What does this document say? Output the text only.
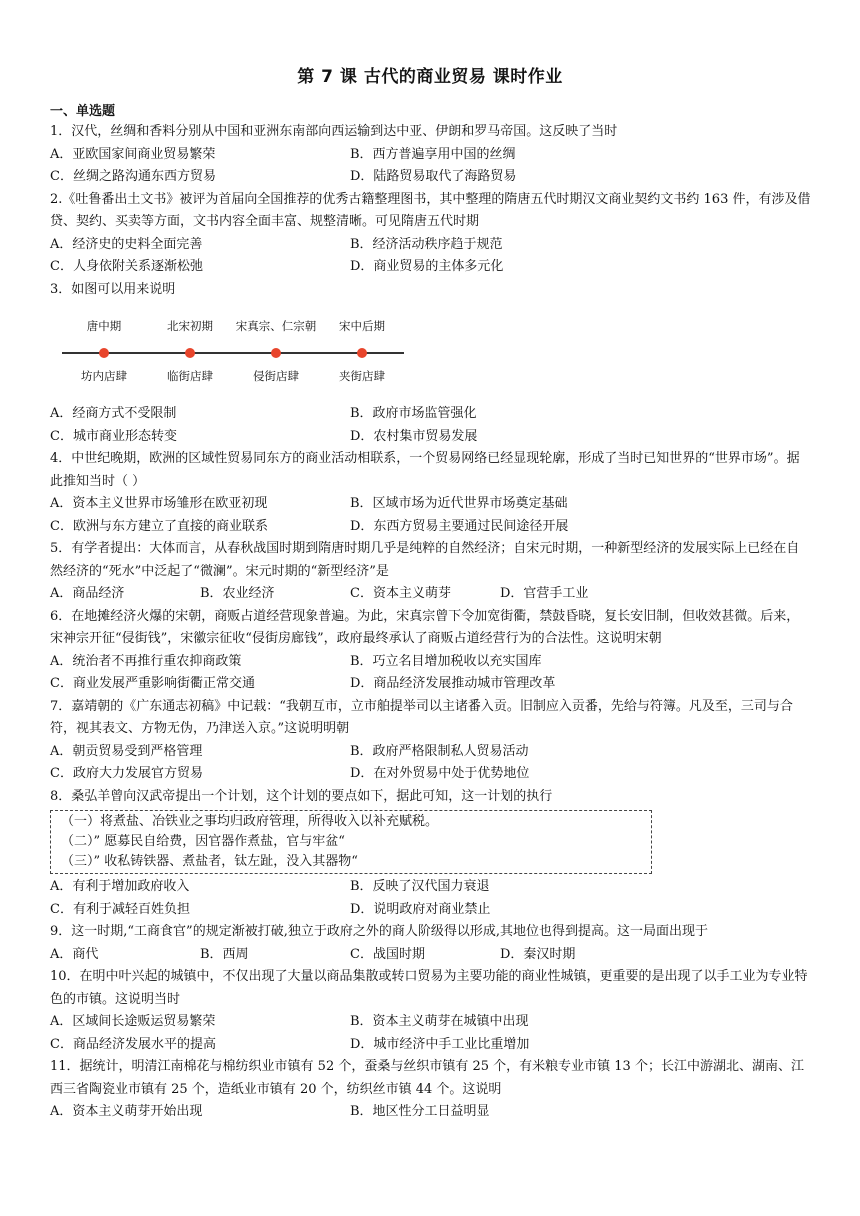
第 7 课 古代的商业贸易 课时作业
一、单选题

1．汉代，丝绸和香料分别从中国和亚洲东南部向西运输到达中亚、伊朗和罗马帝国。这反映了当时

A．亚欧国家间商业贸易繁荣	B．西方普遍享用中国的丝绸
C．丝绸之路沟通东西方贸易	D．陆路贸易取代了海路贸易

2.《吐鲁番出土文书》被评为首届向全国推荐的优秀古籍整理图书，其中整理的隋唐五代时期汉文商业契约文书约 163 件，有涉及借贷、契约、买卖等方面，文书内容全面丰富、规整清晰。可见隋唐五代时期

A．经济史的史料全面完善	B．经济活动秩序趋于规范
C．人身依附关系逐渐松弛	D．商业贸易的主体多元化

3．如图可以用来说明

唐中期	北宋初期 宋真宗、仁宗朝 宋中后期
坊内店肆	临街店肆	侵街店肆	夹街店肆
A．经商方式不受限制	B．政府市场监管强化
C．城市商业形态转变	D．农村集市贸易发展

4．中世纪晚期，欧洲的区域性贸易同东方的商业活动相联系，一个贸易网络已经显现轮廓，形成了当时已知世界的“世界市场”。据此推知当时（ ）

A．资本主义世界市场雏形在欧亚初现	B．区域市场为近代世界市场奠定基础
C．欧洲与东方建立了直接的商业联系	D．东西方贸易主要通过民间途径开展

5．有学者提出：大体而言，从春秋战国时期到隋唐时期几乎是纯粹的自然经济；自宋元时期，一种新型经济的发展实际上已经在自然经济的“死水”中泛起了“微澜”。宋元时期的“新型经济”是

A．商品经济	B．农业经济	C．资本主义萌芽	D．官营手工业

6．在地摊经济火爆的宋朝，商贩占道经营现象普遍。为此，宋真宗曾下令加宽街衢，禁鼓昏晓，复长安旧制，但收效甚微。后来，宋神宗开征“侵街钱”，宋徽宗征收“侵街房廊钱”，政府最终承认了商贩占道经营行为的合法性。这说明宋朝

A．统治者不再推行重农抑商政策	B．巧立名目增加税收以充实国库
C．商业发展严重影响街衢正常交通	D．商品经济发展推动城市管理改革

7．嘉靖朝的《广东通志初稿》中记载：“我朝互市，立市舶提举司以主诸番入贡。旧制应入贡番，先给与符簿。凡及至，三司与合符，视其表文、方物无伪，乃津送入京。”这说明明朝

A．朝贡贸易受到严格管理	B．政府严格限制私人贸易活动
C．政府大力发展官方贸易	D．在对外贸易中处于优势地位

8．桑弘羊曾向汉武帝提出一个计划，这个计划的要点如下，据此可知，这一计划的执行

（一）将煮盐、冶铁业之事均归政府管理，所得收入以补充赋税。
（二）” 愿募民自给费，因官器作煮盐，官与牢盆“
（三）” 收私铸铁器、煮盐者，钛左趾，没入其器物“
A．有利于增加政府收入	B．反映了汉代国力衰退
C．有利于减轻百姓负担	D．说明政府对商业禁止

9．这一时期,“工商食官”的规定渐被打破,独立于政府之外的商人阶级得以形成,其地位也得到提高。这一局面出现于

A．商代	B．西周	C．战国时期	D．秦汉时期

10．在明中叶兴起的城镇中，不仅出现了大量以商品集散或转口贸易为主要功能的商业性城镇，更重要的是出现了以手工业为专业特色的市镇。这说明当时

A．区域间长途贩运贸易繁荣	B．资本主义萌芽在城镇中出现
C．商品经济发展水平的提高	D．城市经济中手工业比重增加

11．据统计，明清江南棉花与棉纺织业市镇有 52 个，蚕桑与丝织市镇有 25 个，有米粮专业市镇 13 个；长江中游湖北、湖南、江西三省陶瓷业市镇有 25 个，造纸业市镇有 20 个，纺织丝市镇 44 个。这说明

A．资本主义萌芽开始出现	B．地区性分工日益明显
